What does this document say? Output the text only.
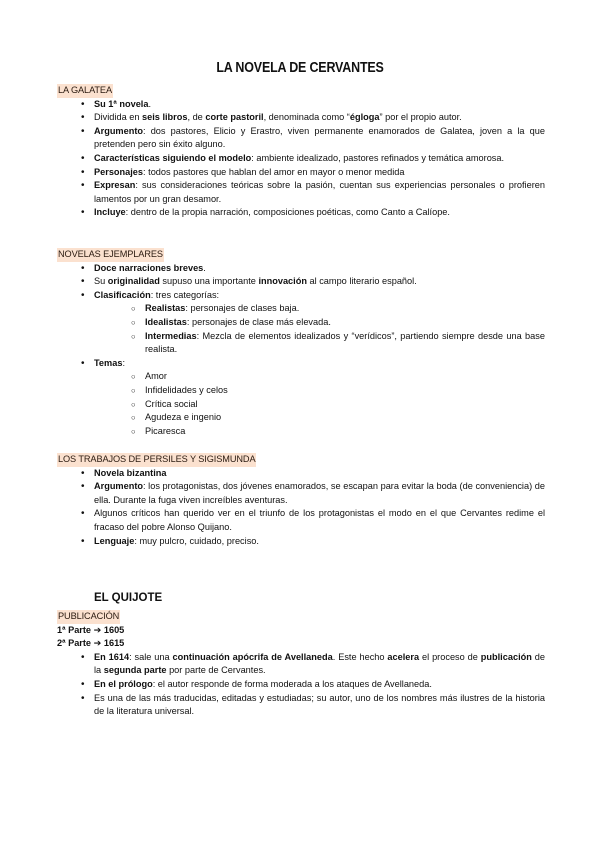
LA NOVELA DE CERVANTES
LA GALATEA
• Su 1ª novela.
• Dividida en seis libros, de corte pastoril, denominada como “égloga” por el propio autor.
• Argumento: dos pastores, Elicio y Erastro, viven permanente enamorados de Galatea, joven a la que pretenden pero sin éxito alguno.
• Características siguiendo el modelo: ambiente idealizado, pastores refinados y temática amorosa.
• Personajes: todos pastores que hablan del amor en mayor o menor medida
• Expresan: sus consideraciones teóricas sobre la pasión, cuentan sus experiencias personales o profieren lamentos por un gran desamor.
• Incluye: dentro de la propia narración, composiciones poéticas, como Canto a Calíope.
NOVELAS EJEMPLARES
• Doce narraciones breves.
• Su originalidad supuso una importante innovación al campo literario español.
• Clasificación: tres categorías:
○ Realistas: personajes de clases baja.
○ Idealistas: personajes de clase más elevada.
○ Intermedias: Mezcla de elementos idealizados y “verídicos”, partiendo siempre desde una base realista.
• Temas:
○ Amor
○ Infidelidades y celos
○ Crítica social
○ Agudeza e ingenio
○ Picaresca
LOS TRABAJOS DE PERSILES Y SIGISMUNDA
• Novela bizantina
• Argumento: los protagonistas, dos jóvenes enamorados, se escapan para evitar la boda (de conveniencia) de ella. Durante la fuga viven increíbles aventuras.
• Algunos críticos han querido ver en el triunfo de los protagonistas el modo en el que Cervantes redime el fracaso del pobre Alonso Quijano.
• Lenguaje: muy pulcro, cuidado, preciso.
EL QUIJOTE
PUBLICACIÓN
1ª Parte ➔ 1605
2ª Parte ➔ 1615
• En 1614: sale una continuación apócrifa de Avellaneda. Este hecho acelera el proceso de publicación de la segunda parte por parte de Cervantes.
• En el prólogo: el autor responde de forma moderada a los ataques de Avellaneda.
• Es una de las más traducidas, editadas y estudiadas; su autor, uno de los nombres más ilustres de la historia de la literatura universal.
